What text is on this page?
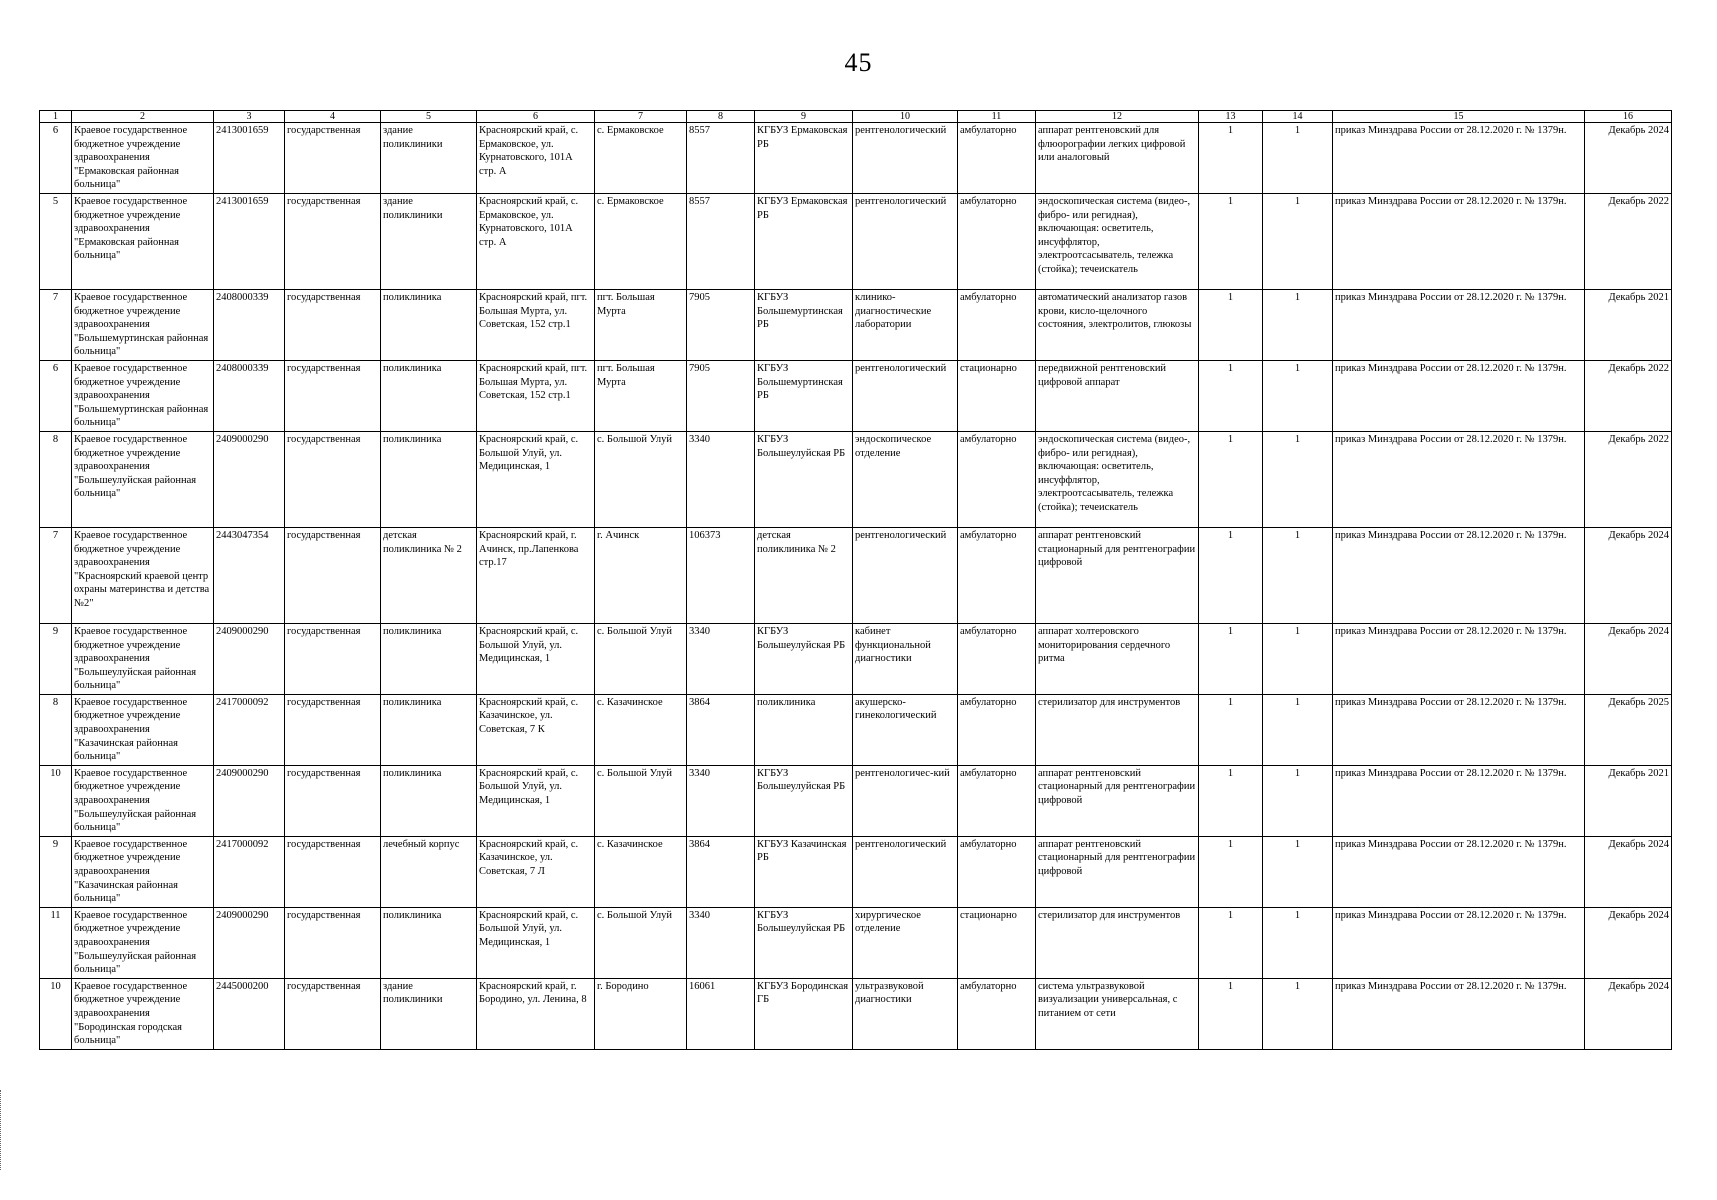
45
1	2	3	4	5	6	7	8	9	10	11	12	13	14	15	16
6	Краевое государственное бюджетное учреждение здравоохранения "Ермаковская районная больница"	2413001659	государственная	здание поликлиники	Красноярский край, с. Ермаковское, ул. Курнатовского, 101А стр. А	с. Ермаковское	8557	КГБУЗ Ермаковская РБ	рентгенологический	амбулаторно	аппарат рентгеновский для флюорографии легких цифровой или аналоговый	1	1	приказ Минздрава России от 28.12.2020 г. № 1379н.	Декабрь 2024
5	Краевое государственное бюджетное учреждение здравоохранения "Ермаковская районная больница"	2413001659	государственная	здание поликлиники	Красноярский край, с. Ермаковское, ул. Курнатовского, 101А стр. А	с. Ермаковское	8557	КГБУЗ Ермаковская РБ	рентгенологический	амбулаторно	эндоскопическая система (видео-, фибро- или регидная), включающая: осветитель, инсуффлятор, электроотсасыватель, тележка (стойка); течеискатель	1	1	приказ Минздрава России от 28.12.2020 г. № 1379н.	Декабрь 2022
7	Краевое государственное бюджетное учреждение здравоохранения "Большемуртинская районная больница"	2408000339	государственная	поликлиника	Красноярский край, пгт. Большая Мурта, ул. Советская, 152 стр.1	пгт. Большая Мурта	7905	КГБУЗ Большемуртинская РБ	клинико-диагностические лаборатории	амбулаторно	автоматический анализатор газов крови, кисло-щелочного состояния, электролитов, глюкозы	1	1	приказ Минздрава России от 28.12.2020 г. № 1379н.	Декабрь 2021
6	Краевое государственное бюджетное учреждение здравоохранения "Большемуртинская районная больница"	2408000339	государственная	поликлиника	Красноярский край, пгт. Большая Мурта, ул. Советская, 152 стр.1	пгт. Большая Мурта	7905	КГБУЗ Большемуртинская РБ	рентгенологический	стационарно	передвижной рентгеновский цифровой аппарат	1	1	приказ Минздрава России от 28.12.2020 г. № 1379н.	Декабрь 2022
8	Краевое государственное бюджетное учреждение здравоохранения "Большеулуйская районная больница"	2409000290	государственная	поликлиника	Красноярский край, с. Большой Улуй, ул. Медицинская, 1	с. Большой Улуй	3340	КГБУЗ Большеулуйская РБ	эндоскопическое отделение	амбулаторно	эндоскопическая система (видео-, фибро- или регидная), включающая: осветитель, инсуффлятор, электроотсасыватель, тележка (стойка); течеискатель	1	1	приказ Минздрава России от 28.12.2020 г. № 1379н.	Декабрь 2022
7	Краевое государственное бюджетное учреждение здравоохранения "Красноярский краевой центр охраны материнства и детства №2"	2443047354	государственная	детская поликлиника № 2	Красноярский край, г. Ачинск, пр.Лапенкова стр.17	г. Ачинск	106373	детская поликлиника № 2	рентгенологический	амбулаторно	аппарат рентгеновский стационарный для рентгенографии цифровой	1	1	приказ Минздрава России от 28.12.2020 г. № 1379н.	Декабрь 2024
9	Краевое государственное бюджетное учреждение здравоохранения "Большеулуйская районная больница"	2409000290	государственная	поликлиника	Красноярский край, с. Большой Улуй, ул. Медицинская, 1	с. Большой Улуй	3340	КГБУЗ Большеулуйская РБ	кабинет функциональной диагностики	амбулаторно	аппарат холтеровского мониторирования сердечного ритма	1	1	приказ Минздрава России от 28.12.2020 г. № 1379н.	Декабрь 2024
8	Краевое государственное бюджетное учреждение здравоохранения "Казачинская районная больница"	2417000092	государственная	поликлиника	Красноярский край, с. Казачинское, ул. Советская, 7 К	с. Казачинское	3864	поликлиника	акушерско-гинекологический	амбулаторно	стерилизатор для инструментов	1	1	приказ Минздрава России от 28.12.2020 г. № 1379н.	Декабрь 2025
10	Краевое государственное бюджетное учреждение здравоохранения "Большеулуйская районная больница"	2409000290	государственная	поликлиника	Красноярский край, с. Большой Улуй, ул. Медицинская, 1	с. Большой Улуй	3340	КГБУЗ Большеулуйская РБ	рентгенологичес-кий	амбулаторно	аппарат рентгеновский стационарный для рентгенографии цифровой	1	1	приказ Минздрава России от 28.12.2020 г. № 1379н.	Декабрь 2021
9	Краевое государственное бюджетное учреждение здравоохранения "Казачинская районная больница"	2417000092	государственная	лечебный корпус	Красноярский край, с. Казачинское, ул. Советская, 7 Л	с. Казачинское	3864	КГБУЗ Казачинская РБ	рентгенологический	амбулаторно	аппарат рентгеновский стационарный для рентгенографии цифровой	1	1	приказ Минздрава России от 28.12.2020 г. № 1379н.	Декабрь 2024
11	Краевое государственное бюджетное учреждение здравоохранения "Большеулуйская районная больница"	2409000290	государственная	поликлиника	Красноярский край, с. Большой Улуй, ул. Медицинская, 1	с. Большой Улуй	3340	КГБУЗ Большеулуйская РБ	хирургическое отделение	стационарно	стерилизатор для инструментов	1	1	приказ Минздрава России от 28.12.2020 г. № 1379н.	Декабрь 2024
10	Краевое государственное бюджетное учреждение здравоохранения "Бородинская городская больница"	2445000200	государственная	здание поликлиники	Красноярский край, г. Бородино, ул. Ленина, 8	г. Бородино	16061	КГБУЗ Бородинская ГБ	ультразвуковой диагностики	амбулаторно	система ультразвуковой визуализации универсальная, с питанием от сети	1	1	приказ Минздрава России от 28.12.2020 г. № 1379н.	Декабрь 2024
